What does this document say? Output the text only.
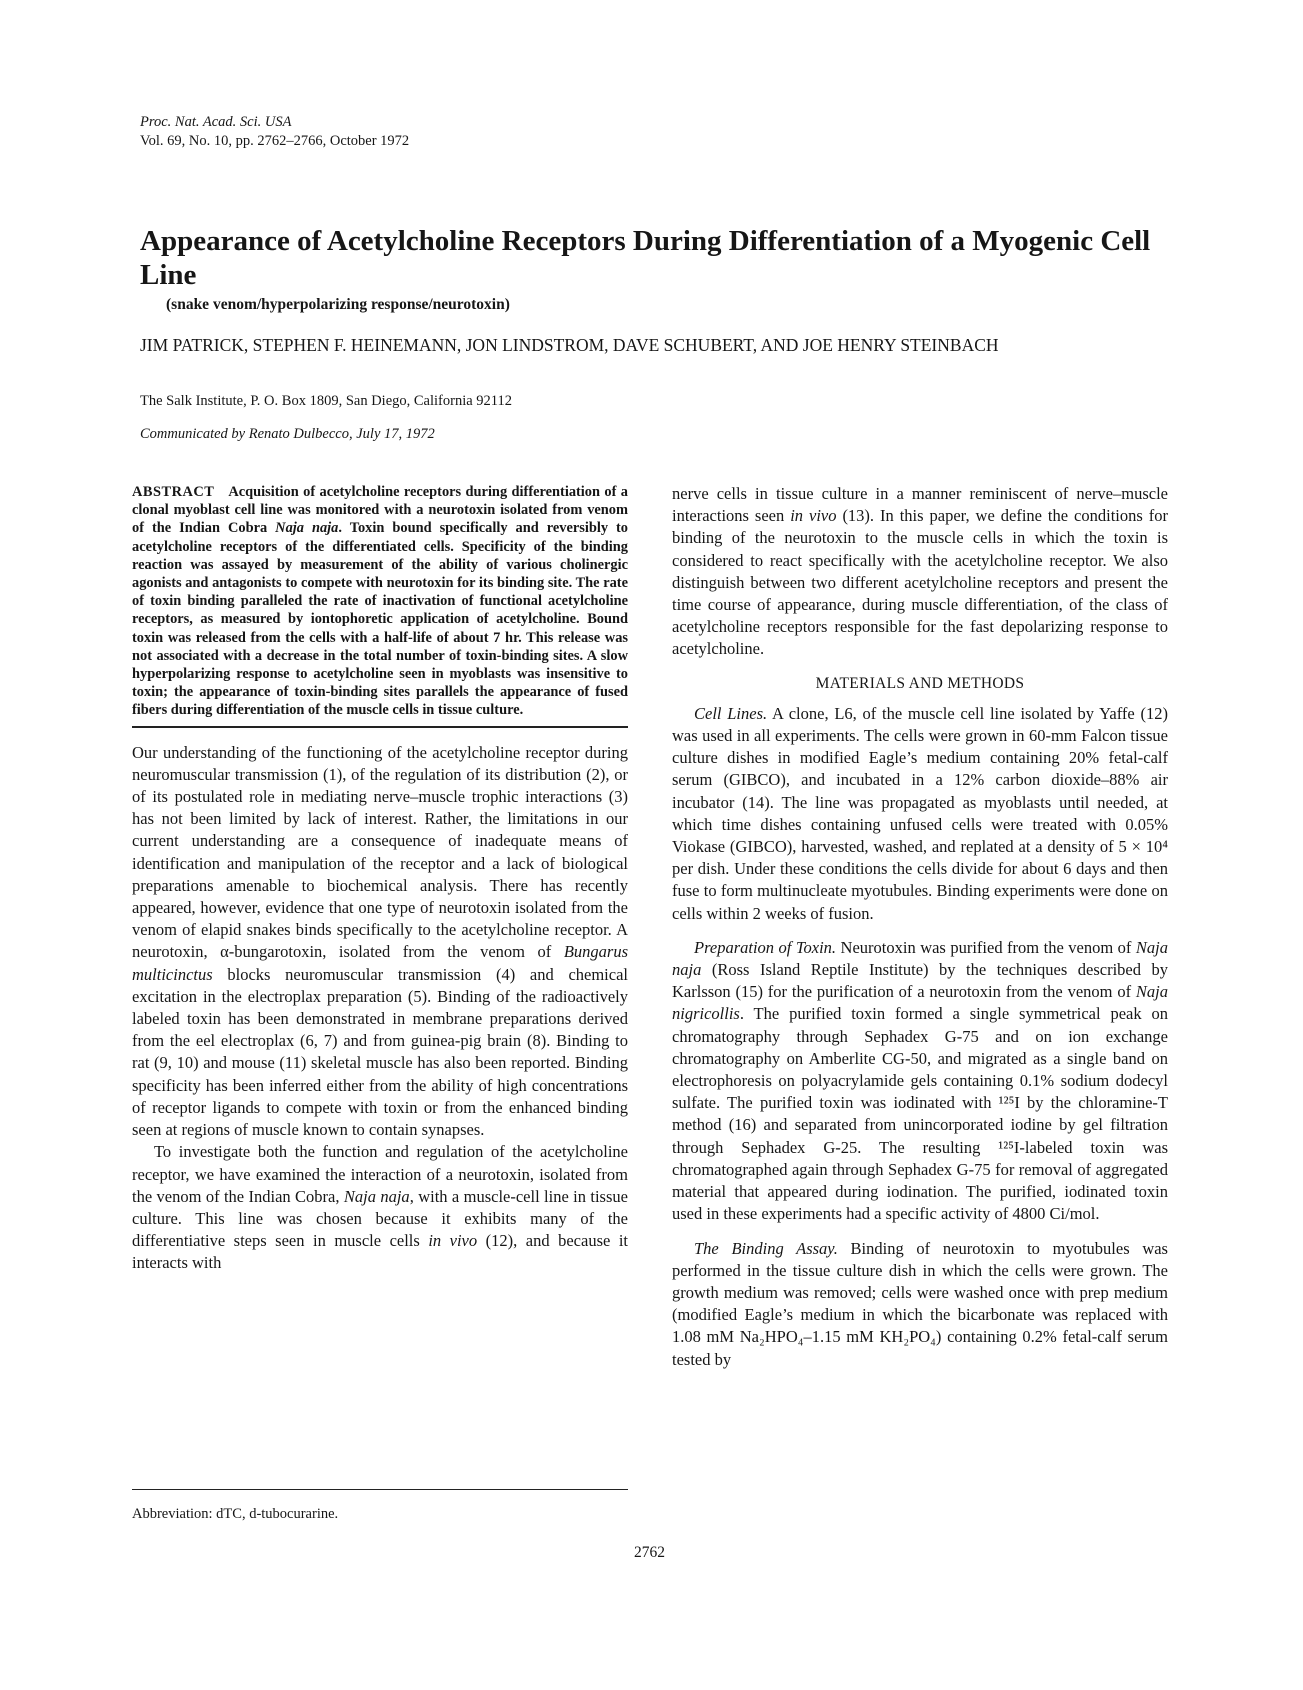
Proc. Nat. Acad. Sci. USA
Vol. 69, No. 10, pp. 2762–2766, October 1972
Appearance of Acetylcholine Receptors During Differentiation of a Myogenic Cell Line
(snake venom/hyperpolarizing response/neurotoxin)
JIM PATRICK, STEPHEN F. HEINEMANN, JON LINDSTROM, DAVE SCHUBERT, AND JOE HENRY STEINBACH
The Salk Institute, P. O. Box 1809, San Diego, California 92112
Communicated by Renato Dulbecco, July 17, 1972

ABSTRACT Acquisition of acetylcholine receptors during differentiation of a clonal myoblast cell line was monitored with a neurotoxin isolated from venom of the Indian Cobra Naja naja. Toxin bound specifically and reversibly to acetylcholine receptors of the differentiated cells. Specificity of the binding reaction was assayed by measurement of the ability of various cholinergic agonists and antagonists to compete with neurotoxin for its binding site. The rate of toxin binding paralleled the rate of inactivation of functional acetylcholine receptors, as measured by iontophoretic application of acetylcholine. Bound toxin was released from the cells with a half-life of about 7 hr. This release was not associated with a decrease in the total number of toxin-binding sites. A slow hyperpolarizing response to acetylcholine seen in myoblasts was insensitive to toxin; the appearance of toxin-binding sites parallels the appearance of fused fibers during differentiation of the muscle cells in tissue culture.

Our understanding of the functioning of the acetylcholine receptor during neuromuscular transmission (1), of the regulation of its distribution (2), or of its postulated role in mediating nerve–muscle trophic interactions (3) has not been limited by lack of interest. Rather, the limitations in our current understanding are a consequence of inadequate means of identification and manipulation of the receptor and a lack of biological preparations amenable to biochemical analysis. There has recently appeared, however, evidence that one type of neurotoxin isolated from the venom of elapid snakes binds specifically to the acetylcholine receptor. A neurotoxin, α-bungarotoxin, isolated from the venom of Bungarus multicinctus blocks neuromuscular transmission (4) and chemical excitation in the electroplax preparation (5). Binding of the radioactively labeled toxin has been demonstrated in membrane preparations derived from the eel electroplax (6, 7) and from guinea-pig brain (8). Binding to rat (9, 10) and mouse (11) skeletal muscle has also been reported. Binding specificity has been inferred either from the ability of high concentrations of receptor ligands to compete with toxin or from the enhanced binding seen at regions of muscle known to contain synapses.

To investigate both the function and regulation of the acetylcholine receptor, we have examined the interaction of a neurotoxin, isolated from the venom of the Indian Cobra, Naja naja, with a muscle-cell line in tissue culture. This line was chosen because it exhibits many of the differentiative steps seen in muscle cells in vivo (12), and because it interacts with

nerve cells in tissue culture in a manner reminiscent of nerve–muscle interactions seen in vivo (13). In this paper, we define the conditions for binding of the neurotoxin to the muscle cells in which the toxin is considered to react specifically with the acetylcholine receptor. We also distinguish between two different acetylcholine receptors and present the time course of appearance, during muscle differentiation, of the class of acetylcholine receptors responsible for the fast depolarizing response to acetylcholine.

MATERIALS AND METHODS

Cell Lines. A clone, L6, of the muscle cell line isolated by Yaffe (12) was used in all experiments. The cells were grown in 60-mm Falcon tissue culture dishes in modified Eagle’s medium containing 20% fetal-calf serum (GIBCO), and incubated in a 12% carbon dioxide–88% air incubator (14). The line was propagated as myoblasts until needed, at which time dishes containing unfused cells were treated with 0.05% Viokase (GIBCO), harvested, washed, and replated at a density of 5 × 10⁴ per dish. Under these conditions the cells divide for about 6 days and then fuse to form multinucleate myotubules. Binding experiments were done on cells within 2 weeks of fusion.

Preparation of Toxin. Neurotoxin was purified from the venom of Naja naja (Ross Island Reptile Institute) by the techniques described by Karlsson (15) for the purification of a neurotoxin from the venom of Naja nigricollis. The purified toxin formed a single symmetrical peak on chromatography through Sephadex G-75 and on ion exchange chromatography on Amberlite CG-50, and migrated as a single band on electrophoresis on polyacrylamide gels containing 0.1% sodium dodecyl sulfate. The purified toxin was iodinated with ¹²⁵I by the chloramine-T method (16) and separated from unincorporated iodine by gel filtration through Sephadex G-25. The resulting ¹²⁵I-labeled toxin was chromatographed again through Sephadex G-75 for removal of aggregated material that appeared during iodination. The purified, iodinated toxin used in these experiments had a specific activity of 4800 Ci/mol.

The Binding Assay. Binding of neurotoxin to myotubules was performed in the tissue culture dish in which the cells were grown. The growth medium was removed; cells were washed once with prep medium (modified Eagle’s medium in which the bicarbonate was replaced with 1.08 mM Na₂HPO₄–1.15 mM KH₂PO₄) containing 0.2% fetal-calf serum tested by

Abbreviation: dTC, d-tubocurarine.
2762
